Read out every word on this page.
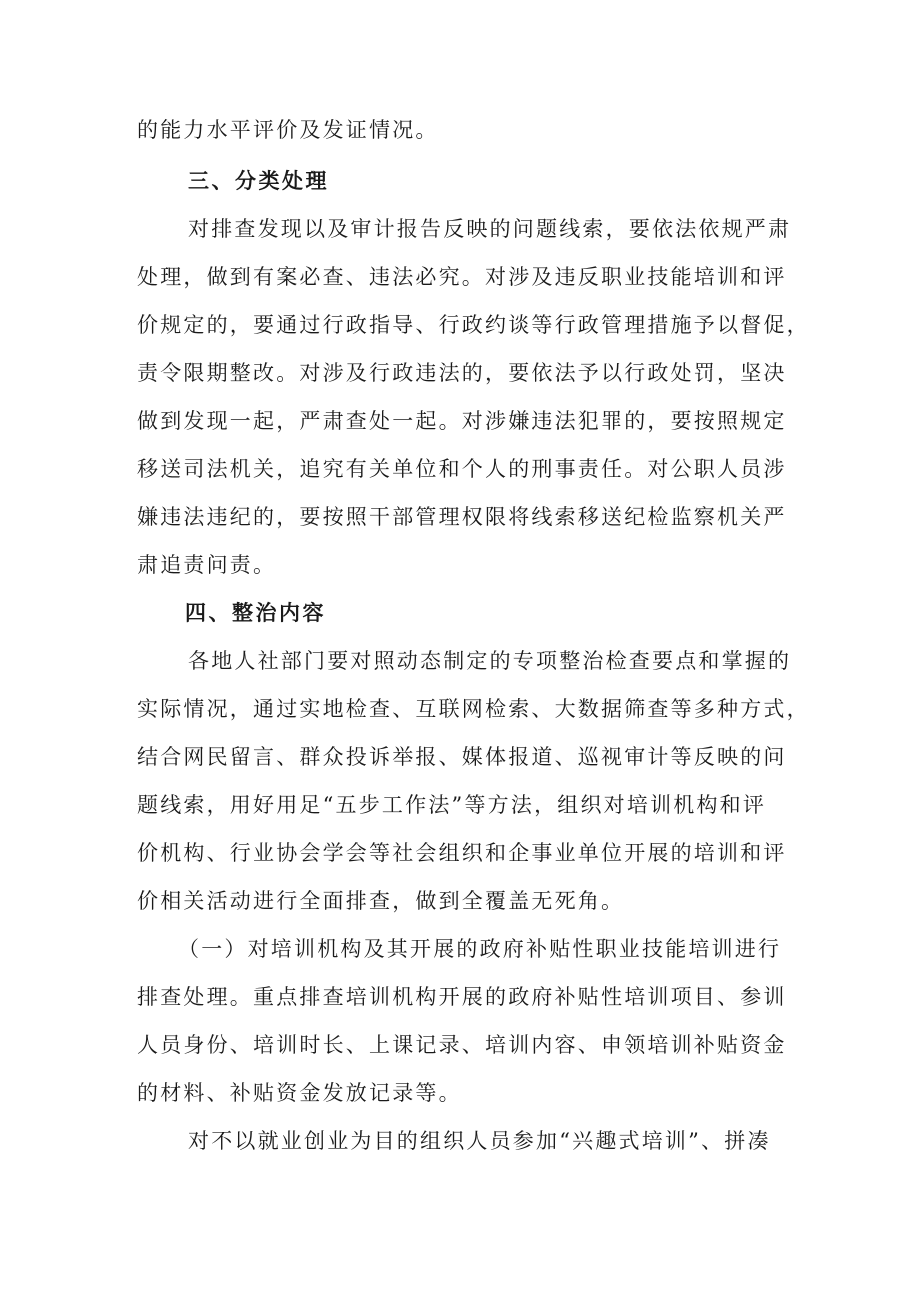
的能力水平评价及发证情况。
三、分类处理
对排查发现以及审计报告反映的问题线索，要依法依规严肃
处理，做到有案必查、违法必究。对涉及违反职业技能培训和评
价规定的，要通过行政指导、行政约谈等行政管理措施予以督促，
责令限期整改。对涉及行政违法的，要依法予以行政处罚，坚决
做到发现一起，严肃查处一起。对涉嫌违法犯罪的，要按照规定
移送司法机关，追究有关单位和个人的刑事责任。对公职人员涉
嫌违法违纪的，要按照干部管理权限将线索移送纪检监察机关严
肃追责问责。
四、整治内容
各地人社部门要对照动态制定的专项整治检查要点和掌握的
实际情况，通过实地检查、互联网检索、大数据筛查等多种方式，
结合网民留言、群众投诉举报、媒体报道、巡视审计等反映的问
题线索，用好用足“五步工作法”等方法，组织对培训机构和评
价机构、行业协会学会等社会组织和企事业单位开展的培训和评
价相关活动进行全面排查，做到全覆盖无死角。
（一）对培训机构及其开展的政府补贴性职业技能培训进行
排查处理。重点排查培训机构开展的政府补贴性培训项目、参训
人员身份、培训时长、上课记录、培训内容、申领培训补贴资金
的材料、补贴资金发放记录等。
对不以就业创业为目的组织人员参加“兴趣式培训”、拼凑
